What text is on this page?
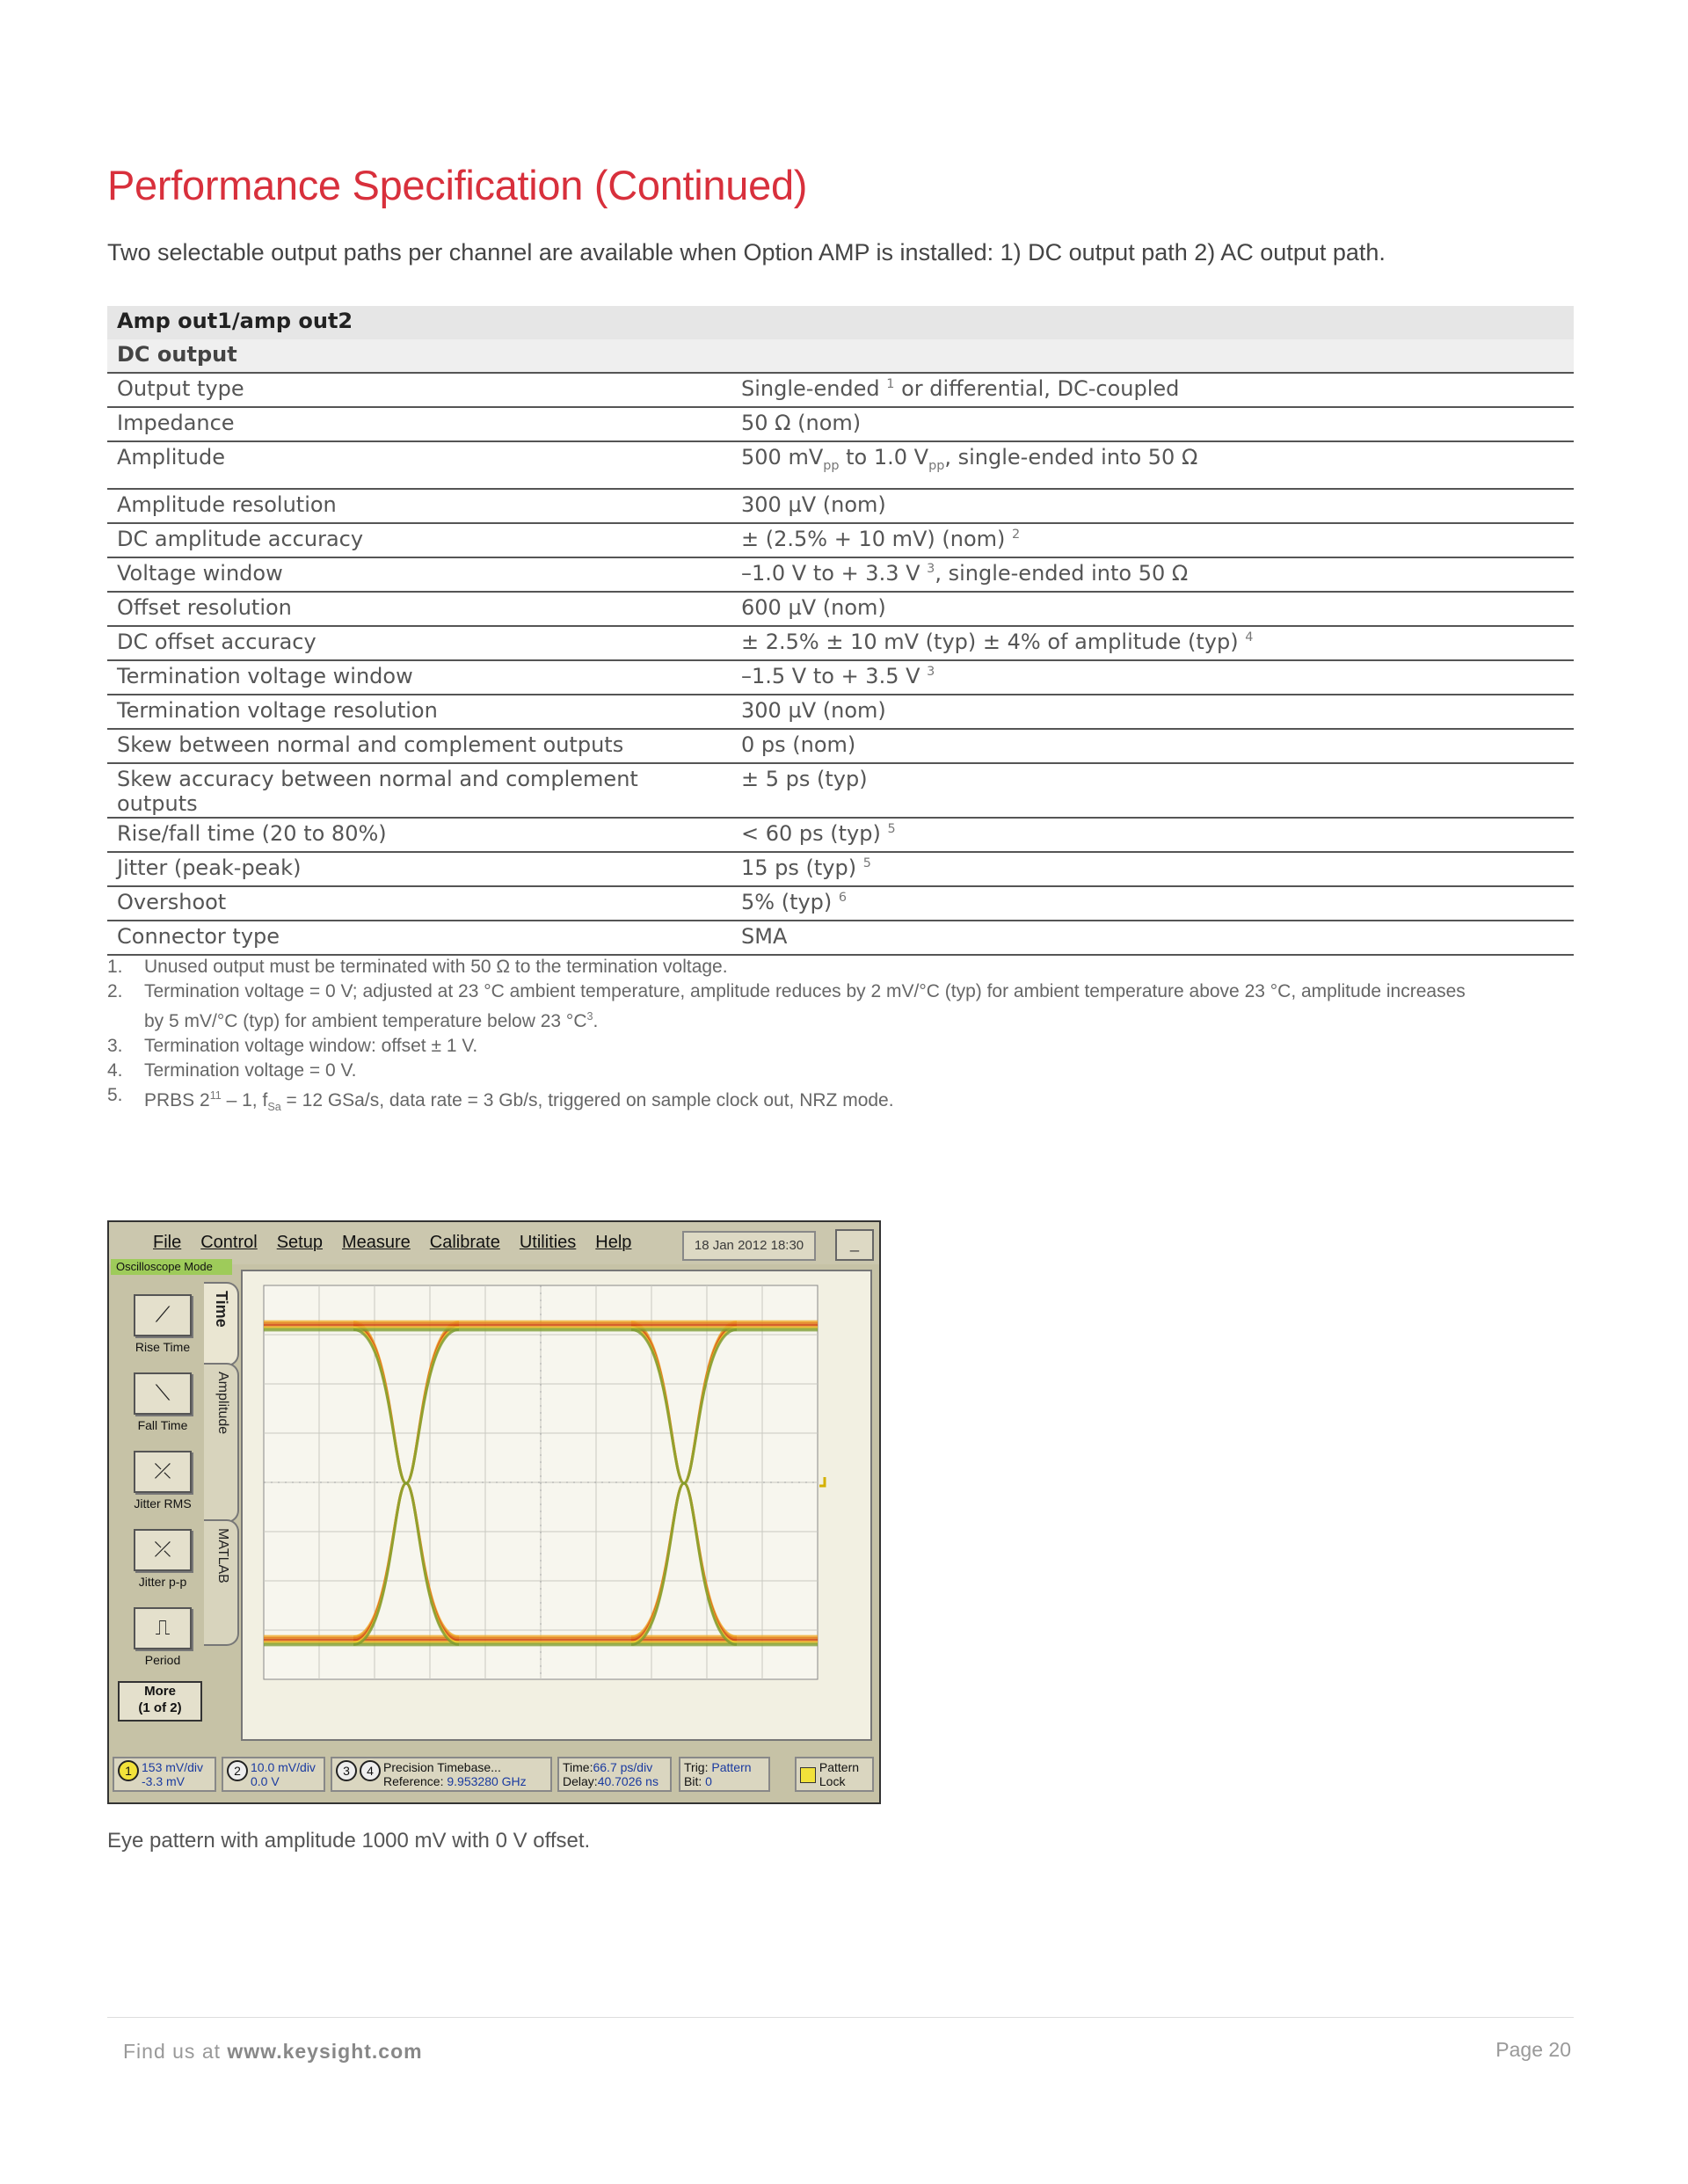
Performance Specification (Continued)
Two selectable output paths per channel are available when Option AMP is installed: 1) DC output path 2) AC output path.
Amp out1/amp out2	
DC output	
Output type	Single-ended $^1$ or differential, DC-coupled
Impedance	50 Ω (nom)
Amplitude	500 $mV_{pp}$ to 1.0 $V_{pp}$, single-ended into 50 Ω
Amplitude resolution	300 µV (nom)
DC amplitude accuracy	± (2.5% + 10 mV) (nom) $^2$
Voltage window	–1.0 V to + 3.3 V $^3$, single-ended into 50 Ω
Offset resolution	600 µV (nom)
DC offset accuracy	± 2.5% ± 10 mV (typ) ± 4% of amplitude (typ) $^4$
Termination voltage window	–1.5 V to + 3.5 V $^3$
Termination voltage resolution	300 µV (nom)
Skew between normal and complement outputs	0 ps (nom)
Skew accuracy between normal and complement outputs	± 5 ps (typ)
Rise/fall time (20 to 80%)	< 60 ps (typ) $^5$
Jitter (peak-peak)	15 ps (typ) $^5$
Overshoot	5% (typ) $^6$
Connector type	SMA
1.	Unused output must be terminated with 50 Ω to the termination voltage.
2.	Termination voltage = 0 V; adjusted at 23 °C ambient temperature, amplitude reduces by 2 mV/°C (typ) for ambient temperature above 23 °C, amplitude increases by 5 mV/°C (typ) for ambient temperature below 23 $^\circ C^3$.
3.	Termination voltage window: offset ± 1 V.
4.	Termination voltage = 0 V.
5.	PRBS $2^{11} - 1$, $f_{Sa} = 12$ GSa/s, data rate = 3 Gb/s, triggered on sample clock out, NRZ mode.
File Control Setup Measure Calibrate Utilities Help	18 Jan 2012 18:30	_
Oscilloscope Mode
⟋
Rise Time
⟍
Fall Time
⤫
Jitter RMS
⤫
Jitter p-p
⎍
Period
More
(1 of 2)
Time
Amplitude
MATLAB
1 153 mV/div
-3.3 mV
2 10.0 mV/div
0.0 V
3 4 Precision Timebase...
Reference: 9.953280 GHz
Time:66.7 ps/div
Delay:40.7026 ns
Trig: Pattern
Bit: 0
Pattern
Lock
Eye pattern with amplitude 1000 mV with 0 V offset.
Find us at www.keysight.com	Page 20
